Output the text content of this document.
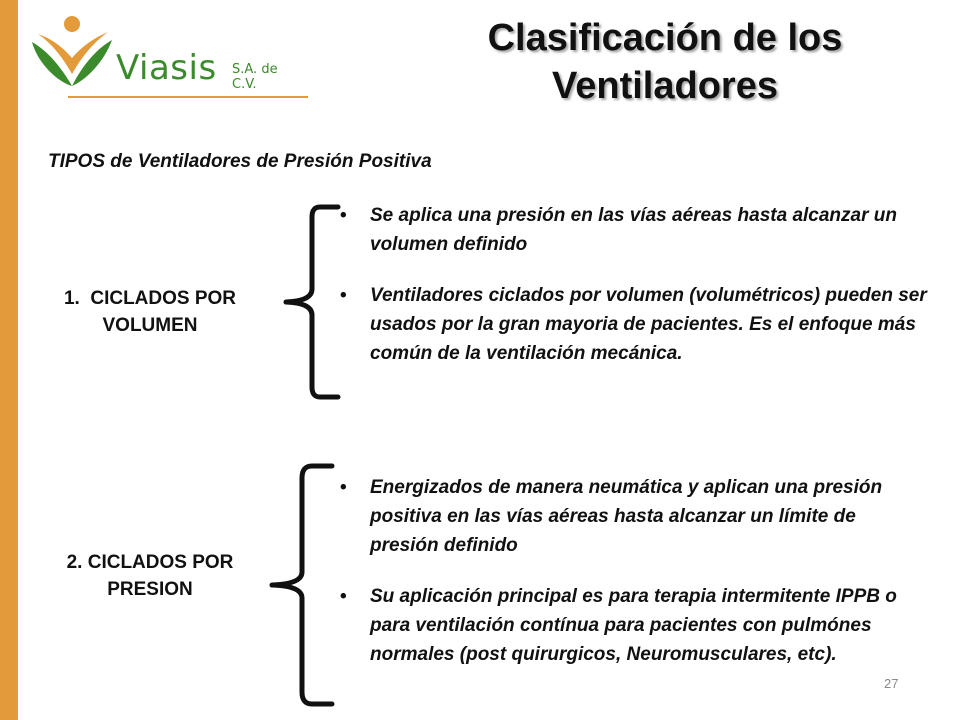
Viasis S.A. de C.V.
Clasificación de los Ventiladores
TIPOS de Ventiladores de Presión Positiva
1.  CICLADOS POR VOLUMEN
• Se aplica una presión en las vías aéreas hasta alcanzar un volumen definido
• Ventiladores ciclados por volumen (volumétricos) pueden ser usados por la gran mayoria de pacientes. Es el enfoque más común de la ventilación mecánica.
2. CICLADOS POR PRESION
• Energizados de manera neumática y aplican una presión positiva en las vías aéreas hasta alcanzar un límite de presión definido
• Su aplicación principal es para terapia intermitente IPPB o para ventilación contínua para pacientes con pulmónes normales (post quirurgicos, Neuromusculares, etc).
27
